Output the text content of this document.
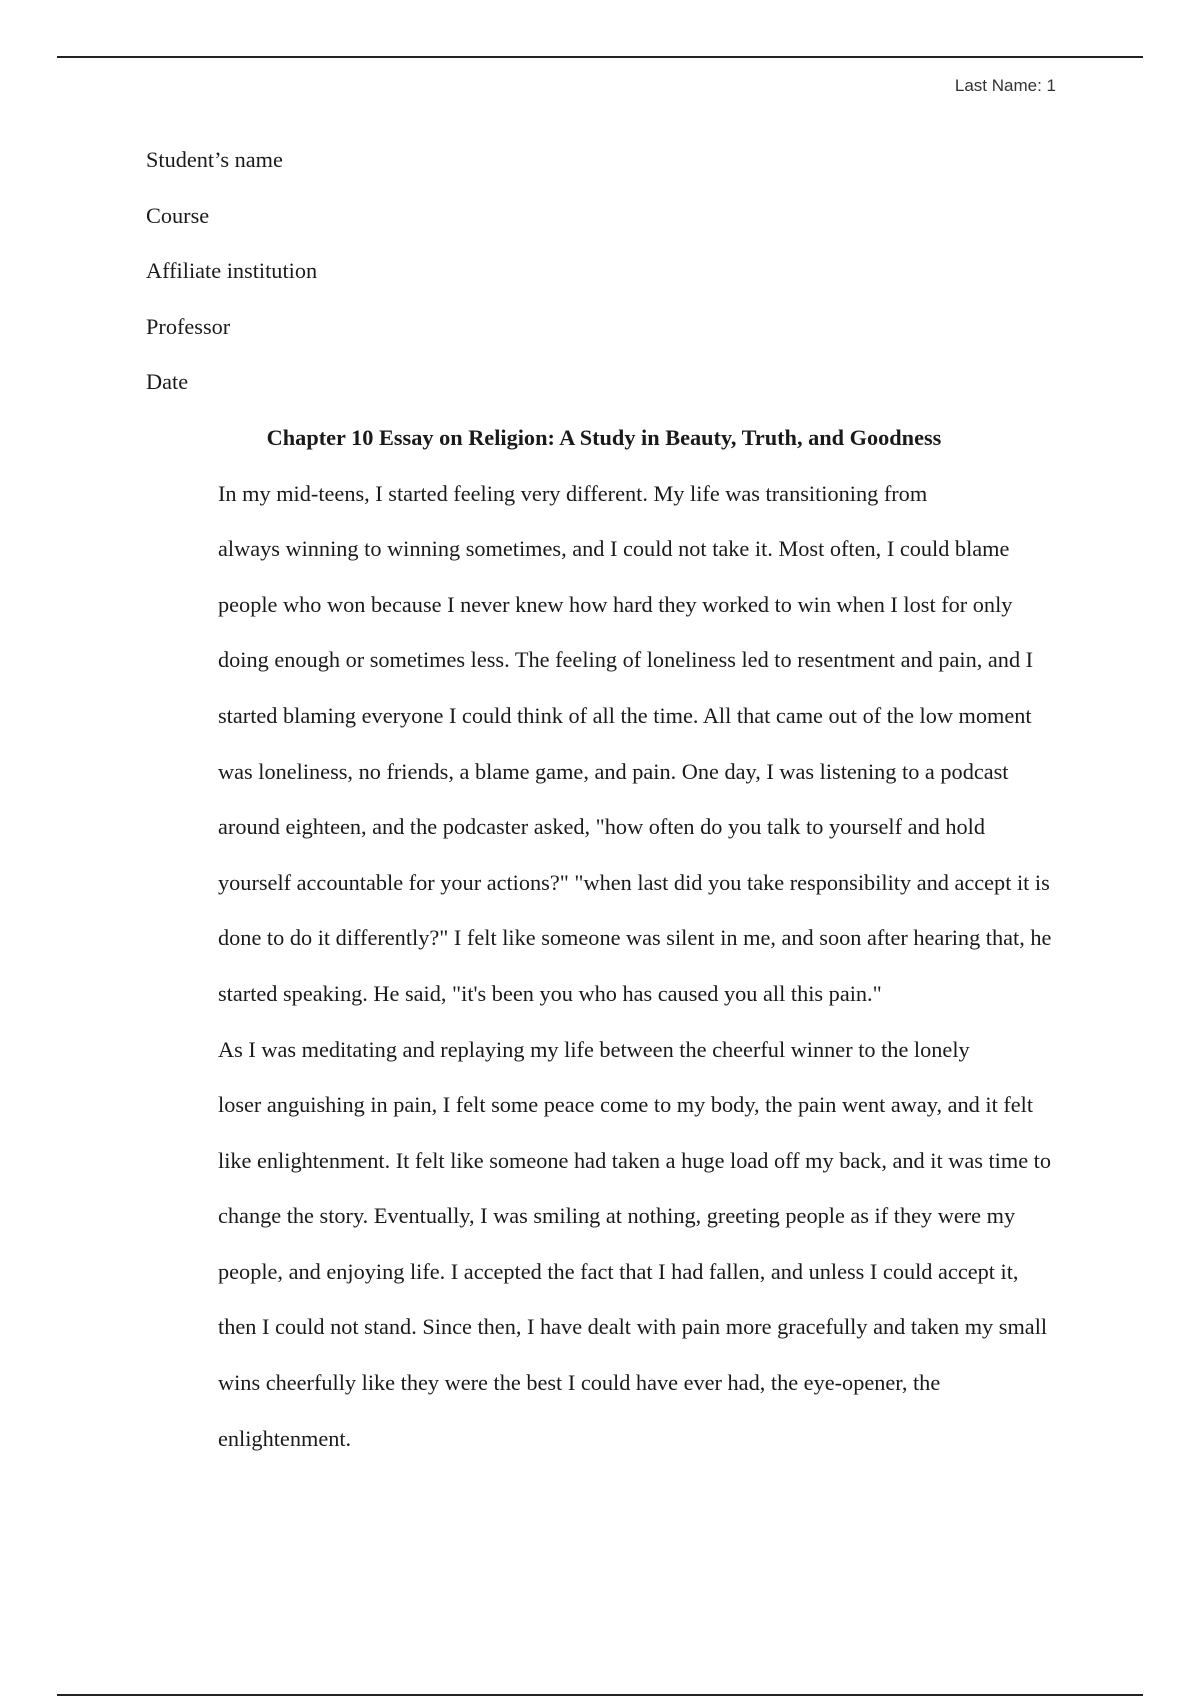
Last Name: 1

Student’s name

Course

Affiliate institution

Professor

Date

Chapter 10 Essay on Religion: A Study in Beauty, Truth, and Goodness

In my mid-teens, I started feeling very different. My life was transitioning from
always winning to winning sometimes, and I could not take it. Most often, I could blame
people who won because I never knew how hard they worked to win when I lost for only
doing enough or sometimes less. The feeling of loneliness led to resentment and pain, and I
started blaming everyone I could think of all the time. All that came out of the low moment
was loneliness, no friends, a blame game, and pain. One day, I was listening to a podcast
around eighteen, and the podcaster asked, "how often do you talk to yourself and hold
yourself accountable for your actions?" "when last did you take responsibility and accept it is
done to do it differently?" I felt like someone was silent in me, and soon after hearing that, he
started speaking. He said, "it's been you who has caused you all this pain."

As I was meditating and replaying my life between the cheerful winner to the lonely
loser anguishing in pain, I felt some peace come to my body, the pain went away, and it felt
like enlightenment. It felt like someone had taken a huge load off my back, and it was time to
change the story. Eventually, I was smiling at nothing, greeting people as if they were my
people, and enjoying life. I accepted the fact that I had fallen, and unless I could accept it,
then I could not stand. Since then, I have dealt with pain more gracefully and taken my small
wins cheerfully like they were the best I could have ever had, the eye-opener, the
enlightenment.
